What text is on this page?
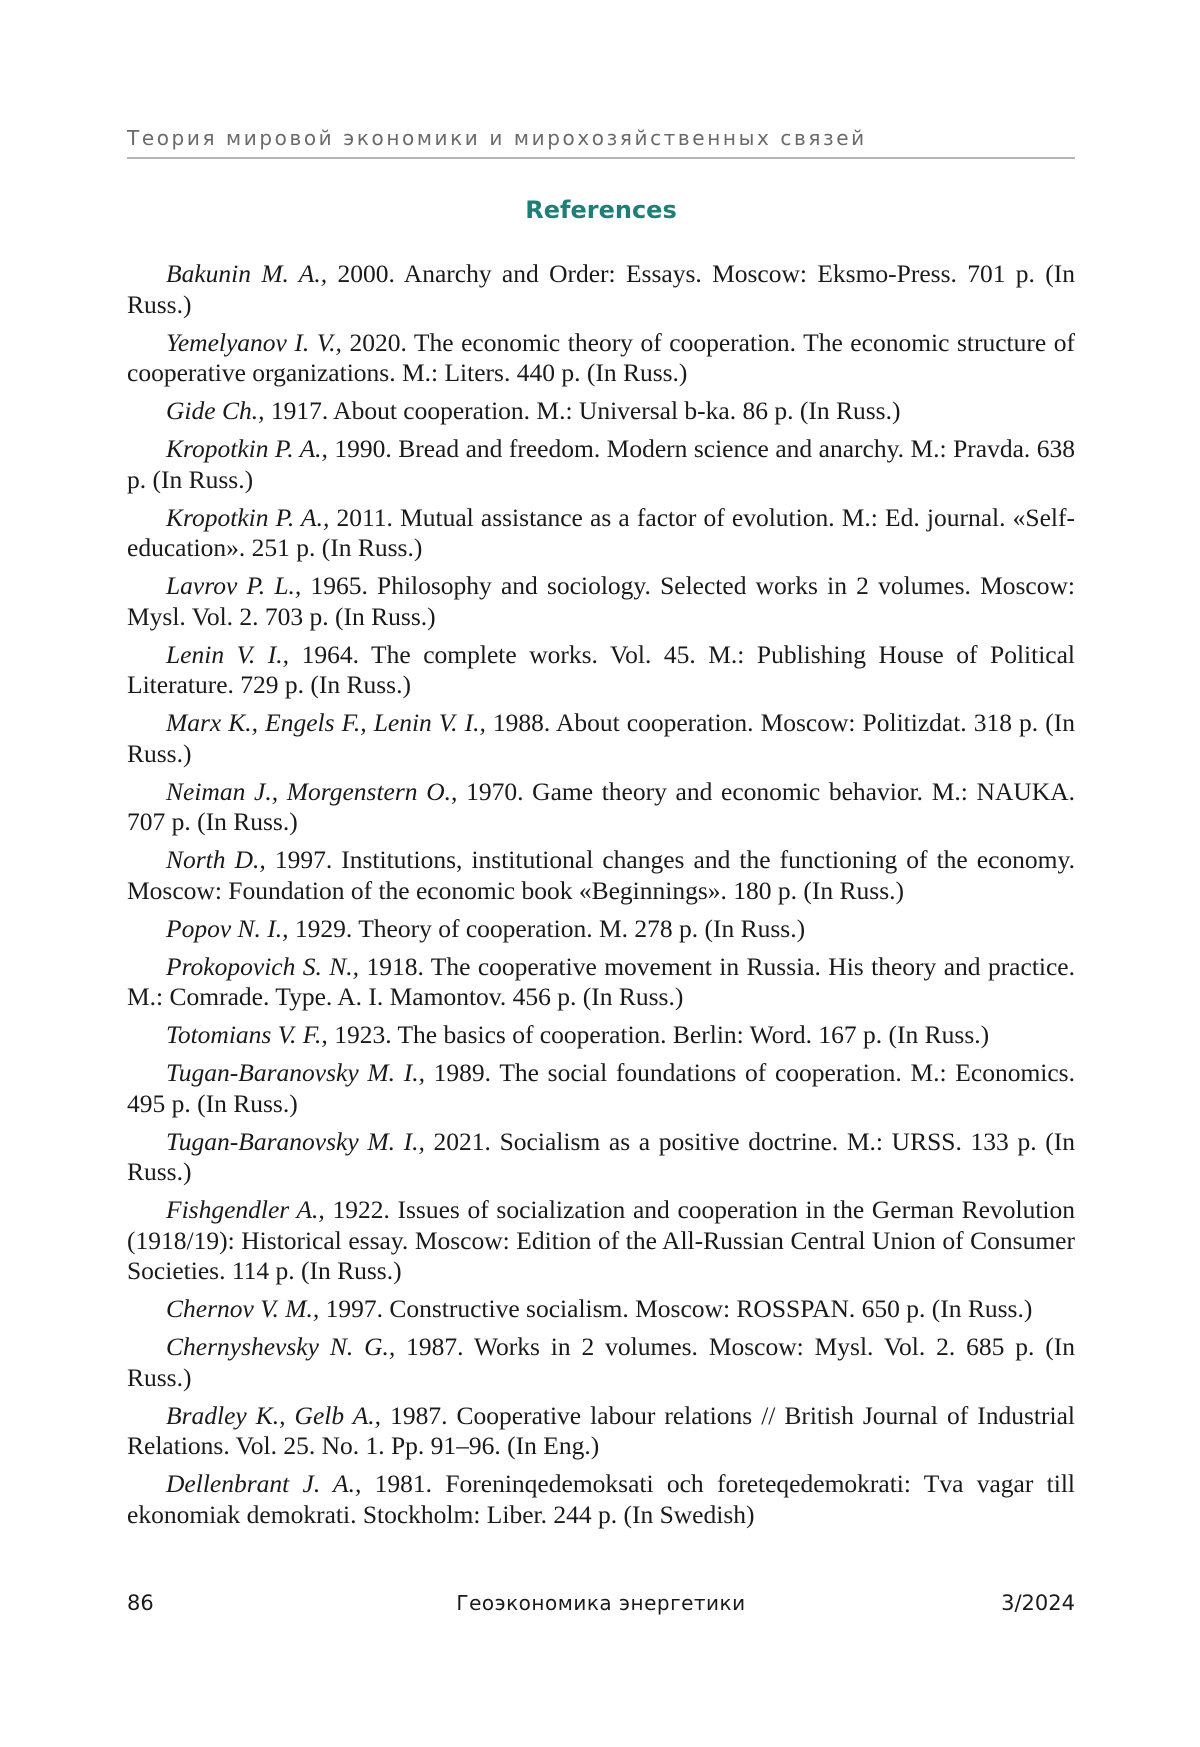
Теория мировой экономики и мирохозяйственных связей
References
Bakunin M. A., 2000. Anarchy and Order: Essays. Moscow: Eksmo-Press. 701 p. (In Russ.)
Yemelyanov I. V., 2020. The economic theory of cooperation. The economic structure of cooperative organizations. M.: Liters. 440 p. (In Russ.)
Gide Ch., 1917. About cooperation. M.: Universal b-ka. 86 p. (In Russ.)
Kropotkin P. A., 1990. Bread and freedom. Modern science and anarchy. M.: Pravda. 638 p. (In Russ.)
Kropotkin P. A., 2011. Mutual assistance as a factor of evolution. M.: Ed. journal. «Self-education». 251 p. (In Russ.)
Lavrov P. L., 1965. Philosophy and sociology. Selected works in 2 volumes. Moscow: Mysl. Vol. 2. 703 p. (In Russ.)
Lenin V. I., 1964. The complete works. Vol. 45. M.: Publishing House of Political Literature. 729 p. (In Russ.)
Marx K., Engels F., Lenin V. I., 1988. About cooperation. Moscow: Politizdat. 318 p. (In Russ.)
Neiman J., Morgenstern O., 1970. Game theory and economic behavior. M.: NAUKA. 707 p. (In Russ.)
North D., 1997. Institutions, institutional changes and the functioning of the economy. Moscow: Foundation of the economic book «Beginnings». 180 p. (In Russ.)
Popov N. I., 1929. Theory of cooperation. M. 278 p. (In Russ.)
Prokopovich S. N., 1918. The cooperative movement in Russia. His theory and practice. M.: Comrade. Type. A. I. Mamontov. 456 p. (In Russ.)
Totomians V. F., 1923. The basics of cooperation. Berlin: Word. 167 p. (In Russ.)
Tugan-Baranovsky M. I., 1989. The social foundations of cooperation. M.: Economics. 495 p. (In Russ.)
Tugan-Baranovsky M. I., 2021. Socialism as a positive doctrine. M.: URSS. 133 p. (In Russ.)
Fishgendler A., 1922. Issues of socialization and cooperation in the German Revolution (1918/19): Historical essay. Moscow: Edition of the All-Russian Central Union of Consumer Societies. 114 p. (In Russ.)
Chernov V. M., 1997. Constructive socialism. Moscow: ROSSPAN. 650 p. (In Russ.)
Chernyshevsky N. G., 1987. Works in 2 volumes. Moscow: Mysl. Vol. 2. 685 p. (In Russ.)
Bradley K., Gelb A., 1987. Cooperative labour relations // British Journal of Industrial Relations. Vol. 25. No. 1. Pp. 91–96. (In Eng.)
Dellenbrant J. A., 1981. Foreninqedemoksati och foreteqedemokrati: Tva vagar till ekonomiak demokrati. Stockholm: Liber. 244 p. (In Swedish)
86	Геоэкономика энергетики	3/2024
